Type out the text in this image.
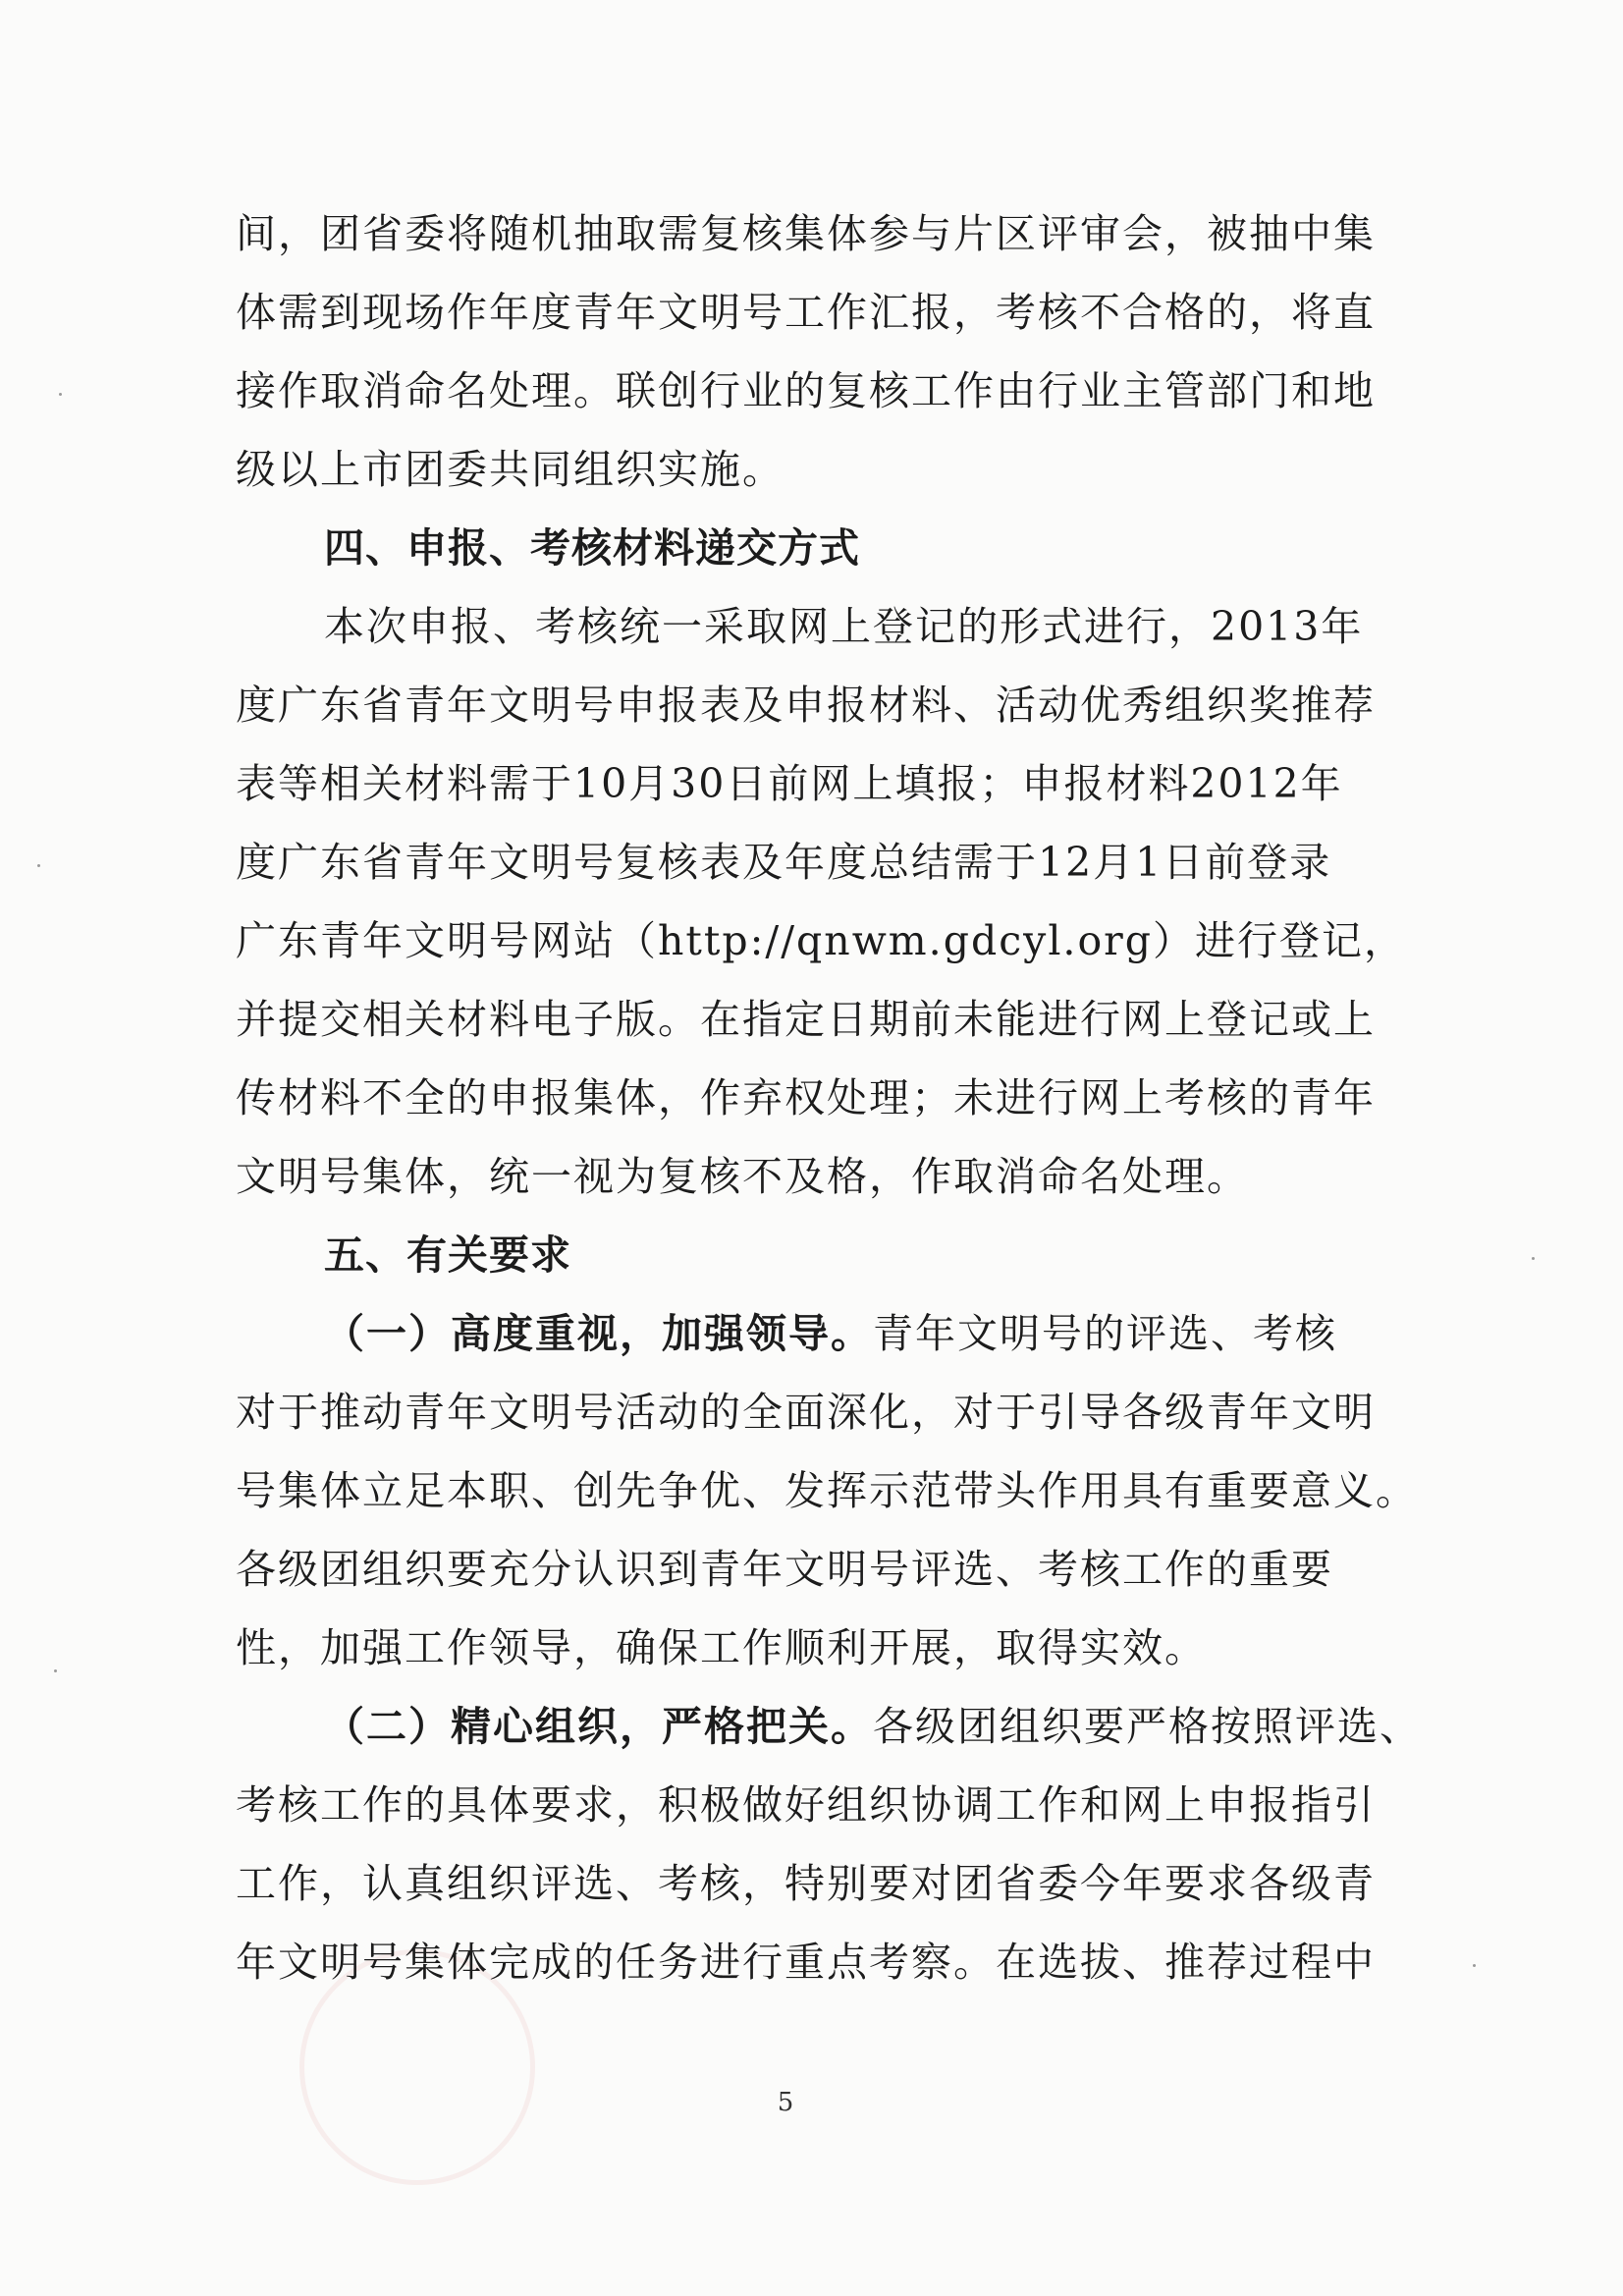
间，团省委将随机抽取需复核集体参与片区评审会，被抽中集
体需到现场作年度青年文明号工作汇报，考核不合格的，将直
接作取消命名处理。联创行业的复核工作由行业主管部门和地
级以上市团委共同组织实施。
四、申报、考核材料递交方式
本次申报、考核统一采取网上登记的形式进行，2013年
度广东省青年文明号申报表及申报材料、活动优秀组织奖推荐
表等相关材料需于10月30日前网上填报；申报材料2012年
度广东省青年文明号复核表及年度总结需于12月1日前登录
广东青年文明号网站（http://qnwm.gdcyl.org）进行登记，
并提交相关材料电子版。在指定日期前未能进行网上登记或上
传材料不全的申报集体，作弃权处理；未进行网上考核的青年
文明号集体，统一视为复核不及格，作取消命名处理。
五、有关要求
（一）高度重视，加强领导。青年文明号的评选、考核
对于推动青年文明号活动的全面深化，对于引导各级青年文明
号集体立足本职、创先争优、发挥示范带头作用具有重要意义。
各级团组织要充分认识到青年文明号评选、考核工作的重要
性，加强工作领导，确保工作顺利开展，取得实效。
（二）精心组织，严格把关。各级团组织要严格按照评选、
考核工作的具体要求，积极做好组织协调工作和网上申报指引
工作，认真组织评选、考核，特别要对团省委今年要求各级青
年文明号集体完成的任务进行重点考察。在选拔、推荐过程中
5
